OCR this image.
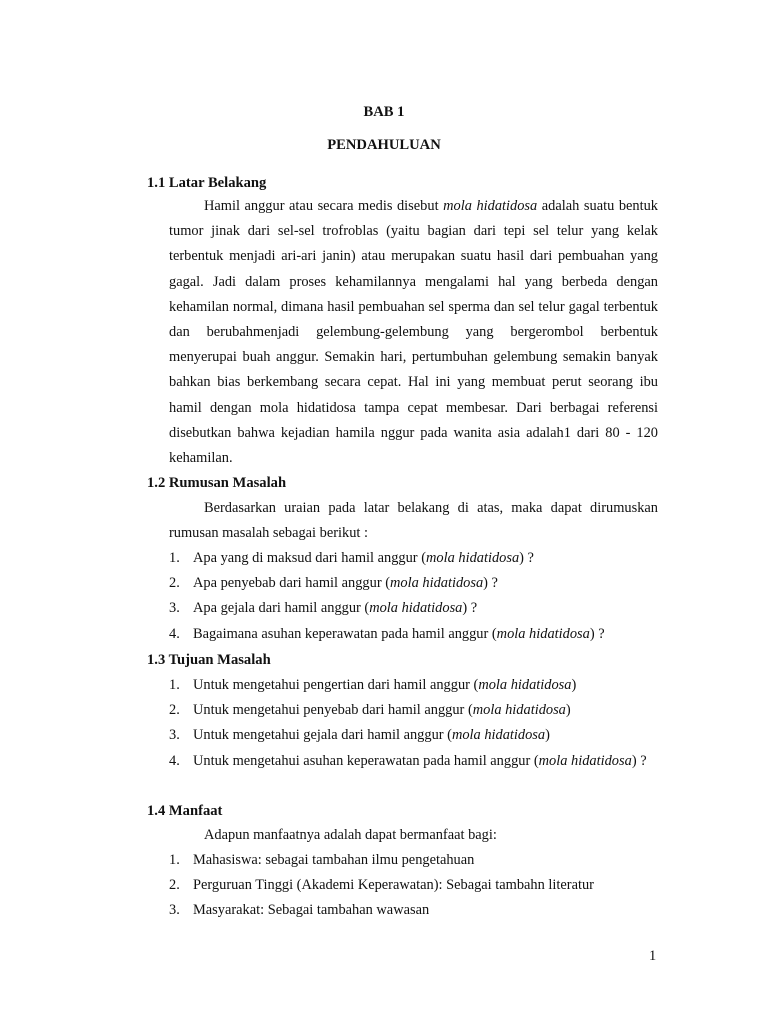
BAB 1
PENDAHULUAN
1.1 Latar Belakang
Hamil anggur atau secara medis disebut mola hidatidosa adalah suatu bentuk tumor jinak dari sel-sel trofroblas (yaitu bagian dari tepi sel telur yang kelak terbentuk menjadi ari-ari janin) atau merupakan suatu hasil dari pembuahan yang gagal. Jadi dalam proses kehamilannya mengalami hal yang berbeda dengan kehamilan normal, dimana hasil pembuahan sel sperma dan sel telur gagal terbentuk dan berubahmenjadi gelembung-gelembung yang bergerombol berbentuk menyerupai buah anggur. Semakin hari, pertumbuhan gelembung semakin banyak bahkan bias berkembang secara cepat. Hal ini yang membuat perut seorang ibu hamil dengan mola hidatidosa tampa cepat membesar. Dari berbagai referensi disebutkan bahwa kejadian hamila nggur pada wanita asia adalah1 dari 80 - 120 kehamilan.
1.2 Rumusan Masalah
Berdasarkan uraian pada latar belakang di atas, maka dapat dirumuskan rumusan masalah sebagai berikut :
1. Apa yang di maksud dari hamil anggur (mola hidatidosa) ?
2. Apa penyebab dari hamil anggur (mola hidatidosa) ?
3. Apa gejala dari hamil anggur (mola hidatidosa) ?
4. Bagaimana asuhan keperawatan pada hamil anggur (mola hidatidosa) ?
1.3 Tujuan Masalah
1. Untuk mengetahui pengertian dari hamil anggur (mola hidatidosa)
2. Untuk mengetahui penyebab dari hamil anggur (mola hidatidosa)
3. Untuk mengetahui gejala dari hamil anggur (mola hidatidosa)
4. Untuk mengetahui asuhan keperawatan pada hamil anggur (mola hidatidosa) ?
1.4 Manfaat
Adapun manfaatnya adalah dapat bermanfaat bagi:
1. Mahasiswa: sebagai tambahan ilmu pengetahuan
2. Perguruan Tinggi (Akademi Keperawatan): Sebagai tambahn literatur
3. Masyarakat: Sebagai tambahan wawasan
1
